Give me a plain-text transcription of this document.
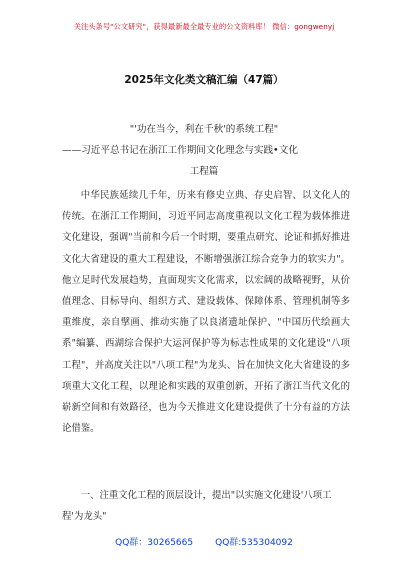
关注头条号"公文研究"，获得最新最全最专业的公文资料库！ 微信：gongwenyj
2025年文化类文稿汇编（47篇）
"'功在当今，利在千秋'的系统工程"
——习近平总书记在浙江工作期间文化理念与实践•文化
工程篇

中华民族延续几千年，历来有修史立典、存史启智、以文化人的传统。在浙江工作期间，习近平同志高度重视以文化工程为载体推进文化建设，强调"当前和今后一个时期，要重点研究、论证和抓好推进文化大省建设的重大工程建设，不断增强浙江综合竞争力的软实力"。他立足时代发展趋势，直面现实文化需求，以宏阔的战略视野，从价值理念、目标导向、组织方式、建设载体、保障体系、管理机制等多重维度，亲自擘画、推动实施了以良渚遗址保护、"中国历代绘画大系"编纂、西湖综合保护大运河保护等为标志性成果的文化建设"八项工程"，并高度关注以"八项工程"为龙头、旨在加快文化大省建设的多项重大文化工程，以理论和实践的双重创新，开拓了浙江当代文化的崭新空间和有效路径，也为今天推进文化建设提供了十分有益的方法论借鉴。

一、注重文化工程的顶层设计，提出"以实施文化建设'八项工程'为龙头"

QQ群：30265665 QQ群:535304092
